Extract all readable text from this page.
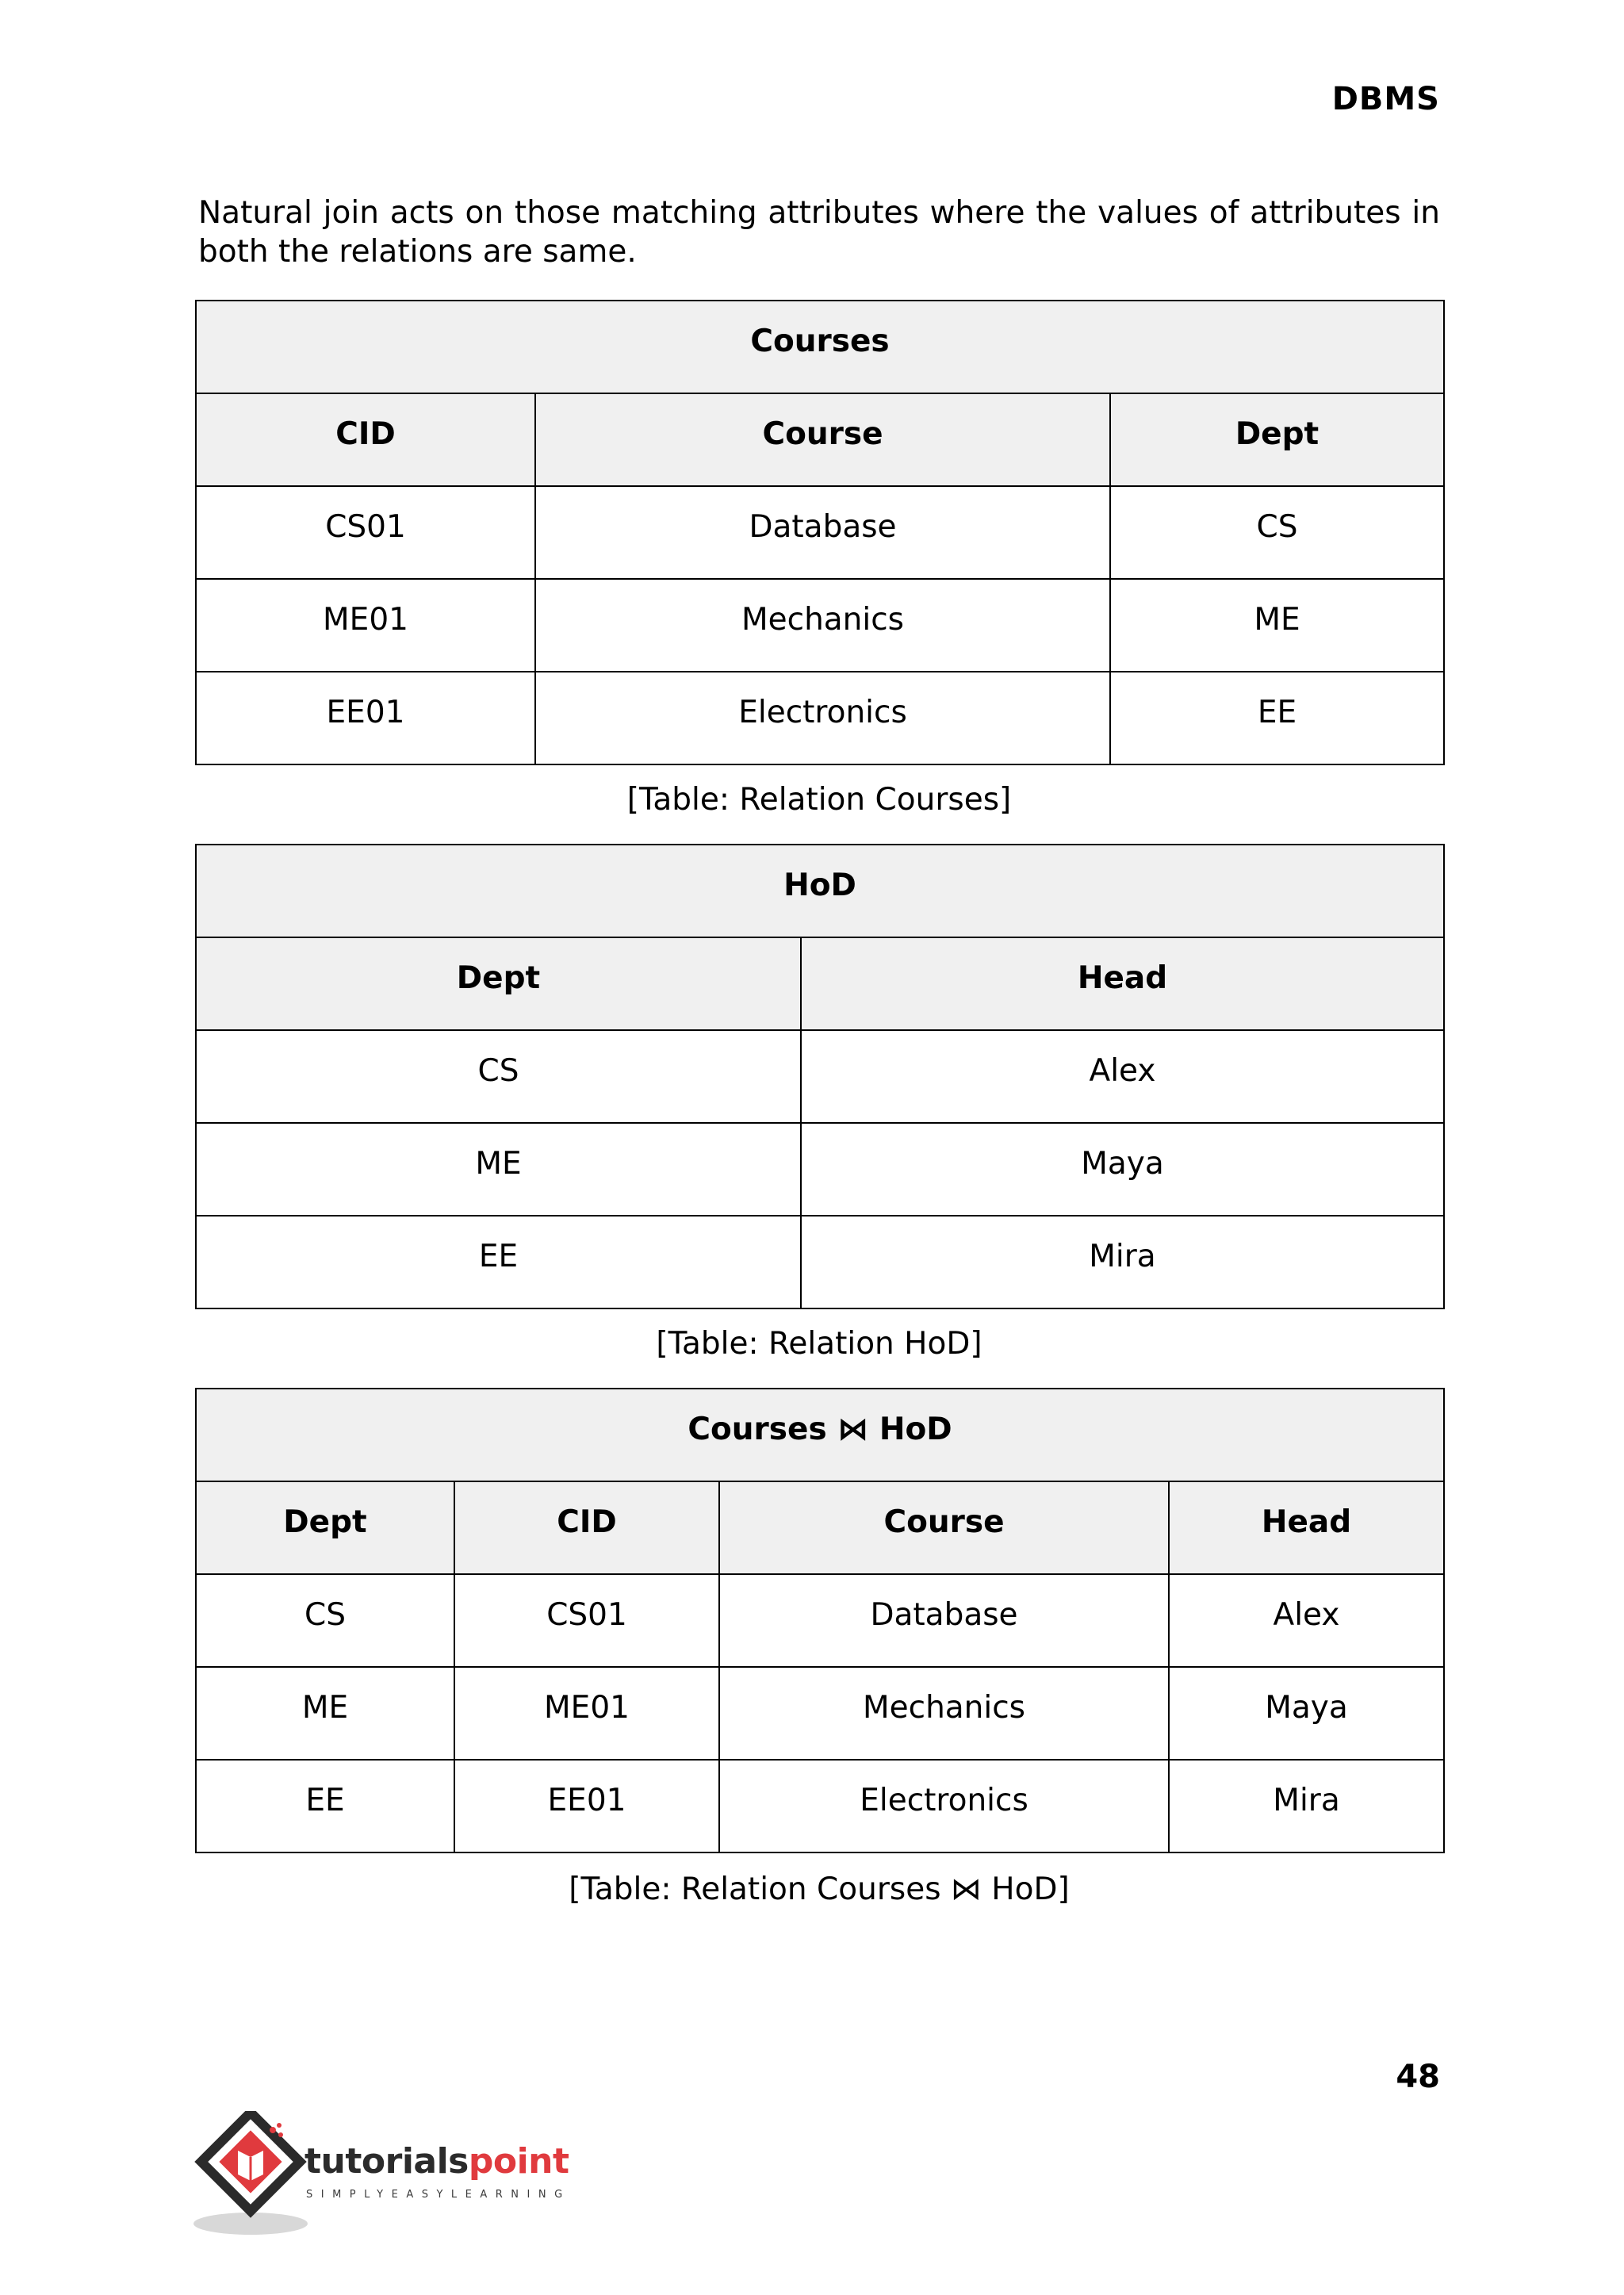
DBMS
Natural join acts on those matching attributes where the values of attributes in both the relations are same.
Courses		
CID	Course	Dept
CS01	Database	CS
ME01	Mechanics	ME
EE01	Electronics	EE
[Table: Relation Courses]
HoD	
Dept	Head
CS	Alex
ME	Maya
EE	Mira
[Table: Relation HoD]
Courses ⋈ HoD			
Dept	CID	Course	Head
CS	CS01	Database	Alex
ME	ME01	Mechanics	Maya
EE	EE01	Electronics	Mira
[Table: Relation Courses ⋈ HoD]
48
tutorialspoint
SIMPLYEASYLEARNING
